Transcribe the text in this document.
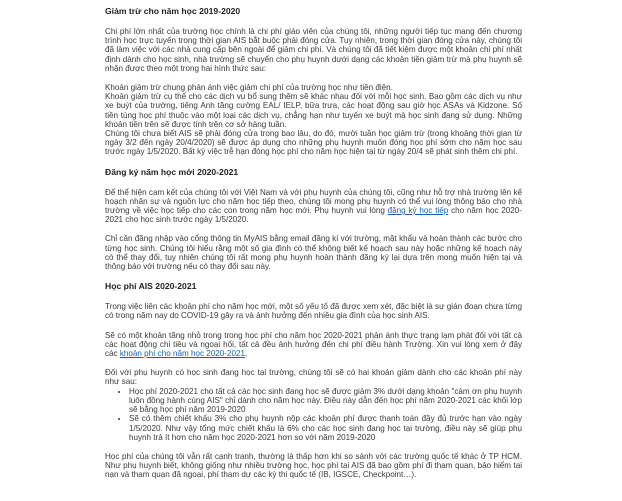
Giảm trừ cho năm học 2019-2020

Chi phí lớn nhất của trường học chính là chi phí giáo viên của chúng tôi, những người tiếp tục mang đến chương trình học trực tuyến trong thời gian AIS bắt buộc phải đóng cửa. Tuy nhiên, trong thời gian đóng cửa này, chúng tôi đã làm việc với các nhà cung cấp bên ngoài để giảm chi phí. Và chúng tôi đã tiết kiệm được một khoản chi phí nhất định dành cho học sinh, nhà trường sẽ chuyển cho phụ huynh dưới dạng các khoản tiền giảm trừ mà phụ huynh sẽ nhận được theo một trong hai hình thức sau:

Khoản giảm trừ chung phản ánh việc giảm chi phí của trường học như tiền điện.

Khoản giảm trừ cụ thể cho các dịch vụ bổ sung thêm sẽ khác nhau đối với mỗi học sinh. Bao gồm các dịch vụ như xe buýt của trường, tiếng Anh tăng cường EAL/ IELP, bữa trưa, các hoạt động sau giờ học ASAs và Kidzone. Số tiền tùng học phí thuộc vào một loại các dịch vụ, chẳng hạn như tuyến xe buýt mà học sinh đang sử dụng. Những khoản tiền trên sẽ được tính trên cơ sở hàng tuần.

Chúng tôi chưa biết AIS sẽ phải đóng cửa trong bao lâu, do đó, mười tuần học giảm trừ (trong khoảng thời gian từ ngày 3/2 đến ngày 20/4/2020) sẽ được áp dụng cho những phụ huynh muốn đóng học phí sớm cho năm học sau trước ngày 1/5/2020. Bất kỳ việc trễ hạn đóng học phí cho năm học hiện tại từ ngày 20/4 sẽ phát sinh thêm chi phí.

Đăng ký năm học mới 2020-2021

Để thể hiện cam kết của chúng tôi với Việt Nam và với phụ huynh của chúng tôi, cũng như hỗ trợ nhà trường lên kế hoạch nhân sự và nguồn lực cho năm học tiếp theo, chúng tôi mong phụ huynh có thể vui lòng thông báo cho nhà trường về việc học tiếp cho các con trong năm học mới. Phụ huynh vui lòng đăng ký học tiếp cho năm học 2020-2021 cho học sinh trước ngày 1/5/2020.

Chỉ cần đăng nhập vào cổng thông tin MyAIS bằng email đăng kí với trường, mật khẩu và hoàn thành các bước cho từng học sinh. Chúng tôi hiểu rằng một số gia đình có thể không biết kế hoạch sau này hoặc những kế hoạch này có thể thay đổi, tuy nhiên chúng tôi rất mong phụ huynh hoàn thành đăng ký lại dựa trên mong muốn hiện tại và thông báo với trường nếu có thay đổi sau này.

Học phí AIS 2020-2021

Trong việc liên các khoản phí cho năm học mới, một số yếu tố đã được xem xét, đặc biệt là sự gián đoạn chưa từng có trong năm nay do COVID-19 gây ra và ảnh hưởng đến nhiều gia đình của học sinh AIS.

Sẽ có một khoản tăng nhỏ trong trong học phí cho năm học 2020-2021 phản ánh thực trạng lạm phát đối với tất cả các hoạt động chi tiêu và ngoại hối, tất cả đều ảnh hưởng đến chi phí điều hành Trường. Xin vui lòng xem ở đây các khoản phí cho năm học 2020-2021.

Đối với phụ huynh có học sinh đang học tại trường, chúng tôi sẽ có hai khoản giảm dành cho các khoản phí này như sau:

• Học phí 2020-2021 cho tất cả các học sinh đang học sẽ được giảm 3% dưới dạng khoản "cảm ơn phụ huynh luôn đồng hành cùng AIS" chỉ dành cho năm học này. Điều này dẫn đến học phí năm 2020-2021 các khối lớp sẽ bằng học phí năm 2019-2020
• Sẽ có thêm chiết khấu 3% cho phụ huynh nộp các khoản phí được thanh toán đầy đủ trước hạn vào ngày 1/5/2020. Như vậy tổng mức chiết khấu là 6% cho các học sinh đang học tại trường, điều này sẽ giúp phụ huynh trả ít hơn cho năm học 2020-2021 hơn so với năm 2019-2020

Học phí của chúng tôi vẫn rất cạnh tranh, thường là thấp hơn khi so sánh với các trường quốc tế khác ở TP HCM. Như phụ huynh biết, không giống như nhiều trường học, học phí tại AIS đã bao gồm phí đi tham quan, bảo hiểm tai nạn và tham quan đã ngoại, phí tham dự các kỳ thi quốc tế (IB, IGSCE, Checkpoint…).
